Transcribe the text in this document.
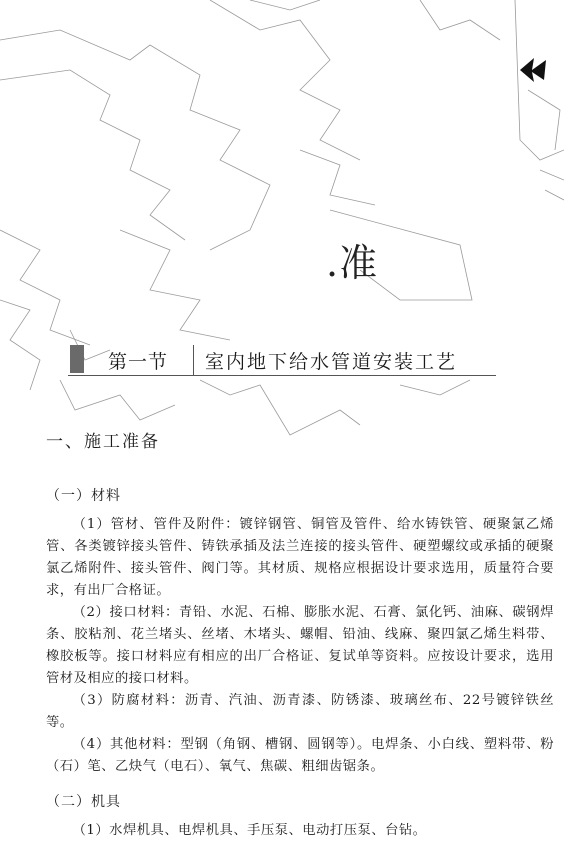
.准
第一节 室内地下给水管道安装工艺
一、施工准备
（一）材料

（1）管材、管件及附件：镀锌钢管、铜管及管件、给水铸铁管、硬聚氯乙烯管、各类镀锌接头管件、铸铁承插及法兰连接的接头管件、硬塑螺纹或承插的硬聚氯乙烯附件、接头管件、阀门等。其材质、规格应根据设计要求选用，质量符合要求，有出厂合格证。

（2）接口材料：青铅、水泥、石棉、膨胀水泥、石膏、氯化钙、油麻、碳钢焊条、胶粘剂、花兰堵头、丝堵、木堵头、螺帽、铅油、线麻、聚四氯乙烯生料带、橡胶板等。接口材料应有相应的出厂合格证、复试单等资料。应按设计要求，选用管材及相应的接口材料。

（3）防腐材料：沥青、汽油、沥青漆、防锈漆、玻璃丝布、22号镀锌铁丝等。

（4）其他材料：型钢（角钢、槽钢、圆钢等）。电焊条、小白线、塑料带、粉（石）笔、乙炔气（电石）、氧气、焦碳、粗细齿锯条。

（二）机具

（1）水焊机具、电焊机具、手压泵、电动打压泵、台钻。
